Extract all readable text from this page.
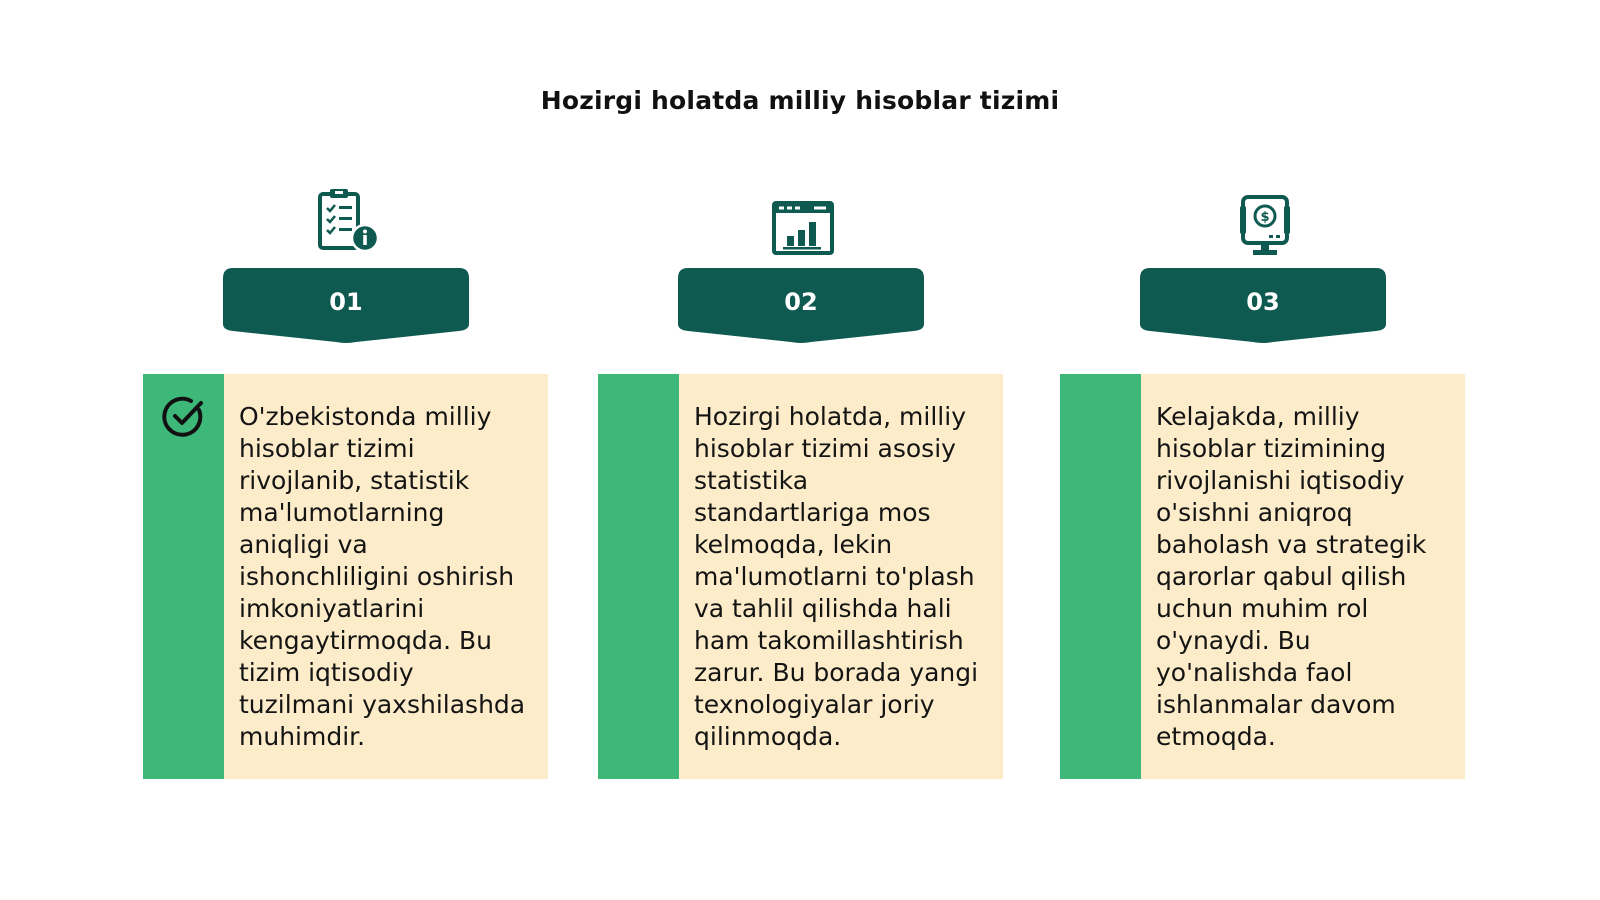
Hozirgi holatda milliy hisoblar tizimi
01
O'zbekistonda milliy hisoblar tizimi rivojlanib, statistik ma'lumotlarning aniqligi va ishonchliligini oshirish imkoniyatlarini kengaytirmoqda. Bu tizim iqtisodiy tuzilmani yaxshilashda muhimdir.
02
Hozirgi holatda, milliy hisoblar tizimi asosiy statistika standartlariga mos kelmoqda, lekin ma'lumotlarni to'plash va tahlil qilishda hali ham takomillashtirish zarur. Bu borada yangi texnologiyalar joriy qilinmoqda.
$
03
Kelajakda, milliy hisoblar tizimining rivojlanishi iqtisodiy o'sishni aniqroq baholash va strategik qarorlar qabul qilish uchun muhim rol o'ynaydi. Bu yo'nalishda faol ishlanmalar davom etmoqda.
